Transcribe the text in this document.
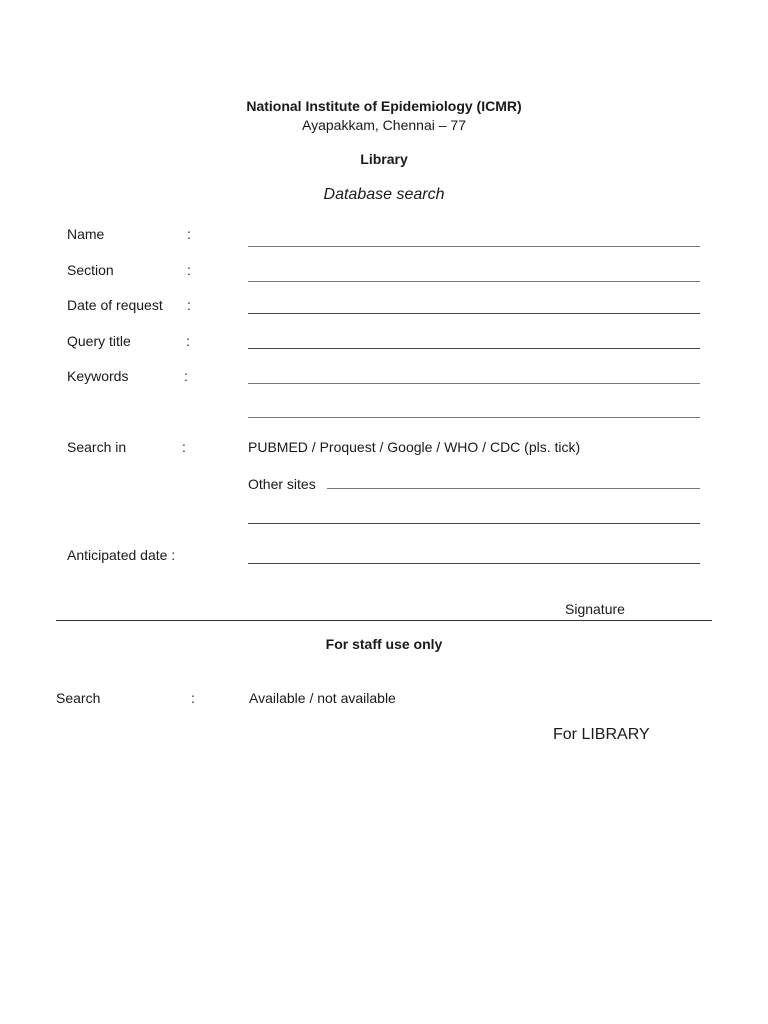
National Institute of Epidemiology (ICMR)
Ayapakkam, Chennai – 77
Library
Database search
Name	:
Section	:
Date of request :
Query title	:
Keywords	:
Search in	:	PUBMED / Proquest / Google / WHO / CDC (pls. tick)
Other sites
Anticipated date :
Signature
For staff use only
Search	:	Available / not available
For LIBRARY
